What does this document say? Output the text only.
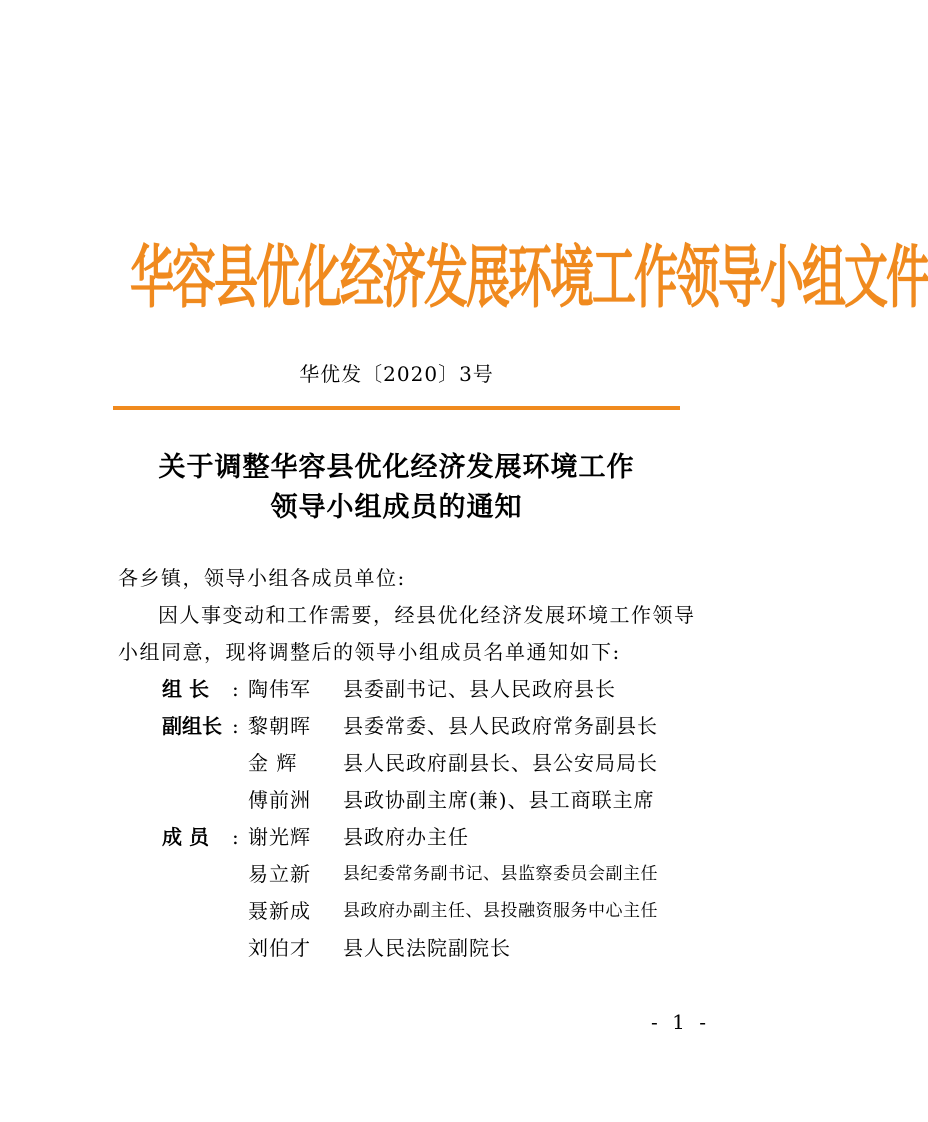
华容县优化经济发展环境工作领导小组文件
华优发〔2020〕3号
关于调整华容县优化经济发展环境工作
领导小组成员的通知

各乡镇，领导小组各成员单位:

因人事变动和工作需要，经县优化经济发展环境工作领导小组同意，现将调整后的领导小组成员名单通知如下:

组 长	: 陶伟军	县委副书记、县人民政府县长
副组长 : 黎朝晖	县委常委、县人民政府常务副县长
金 辉	县人民政府副县长、县公安局局长
傅前洲	县政协副主席(兼)、县工商联主席
成 员	: 谢光辉	县政府办主任
易立新	县纪委常务副书记、县监察委员会副主任
聂新成	县政府办副主任、县投融资服务中心主任
刘伯才	县人民法院副院长
- 1 -
